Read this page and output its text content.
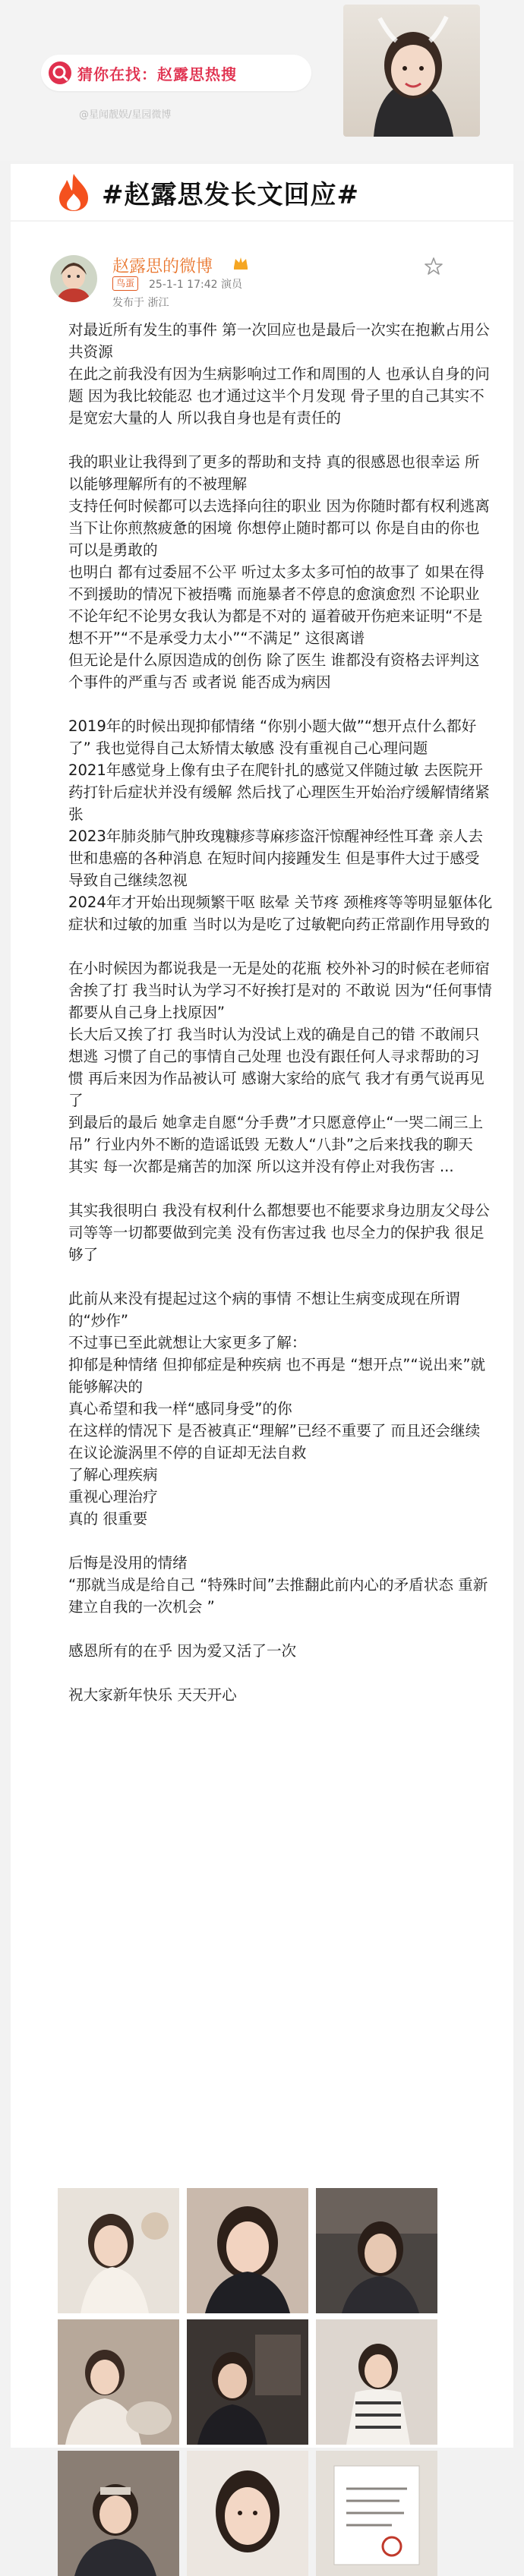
猜你在找： 赵露思热搜
@星闻靓娱/星园微博
#赵露思发长文回应#
赵露思的微博
鸟蛋	25-1-1 17:42 演员
发布于 浙江

对最近所有发生的事件 第一次回应也是最后一次实在抱歉占用公共资源
在此之前我没有因为生病影响过工作和周围的人 也承认自身的问题 因为我比较能忍 也才通过这半个月发现 骨子里的自己其实不是宽宏大量的人 所以我自身也是有责任的

我的职业让我得到了更多的帮助和支持 真的很感恩也很幸运 所以能够理解所有的不被理解
支持任何时候都可以去选择向往的职业 因为你随时都有权利逃离当下让你煎熬疲惫的困境 你想停止随时都可以 你是自由的你也可以是勇敢的
也明白 都有过委屈不公平 听过太多太多可怕的故事了 如果在得不到援助的情况下被捂嘴 而施暴者不停息的愈演愈烈 不论职业不论年纪不论男女我认为都是不对的 逼着破开伤疤来证明“不是想不开”“不是承受力太小”“不满足” 这很离谱
但无论是什么原因造成的创伤 除了医生 谁都没有资格去评判这个事件的严重与否 或者说 能否成为病因

2019年的时候出现抑郁情绪 “你别小题大做”“想开点什么都好了” 我也觉得自己太矫情太敏感 没有重视自己心理问题
2021年感觉身上像有虫子在爬针扎的感觉又伴随过敏 去医院开药打针后症状并没有缓解 然后找了心理医生开始治疗缓解情绪紧张
2023年肺炎肺气肿玫瑰糠疹荨麻疹盗汗惊醒神经性耳聋 亲人去世和患癌的各种消息 在短时间内接踵发生 但是事件大过于感受 导致自己继续忽视
2024年才开始出现频繁干呕 眩晕 关节疼 颈椎疼等等明显躯体化症状和过敏的加重 当时以为是吃了过敏靶向药正常副作用导致的

在小时候因为都说我是一无是处的花瓶 校外补习的时候在老师宿舍挨了打 我当时认为学习不好挨打是对的 不敢说 因为“任何事情都要从自己身上找原因”
长大后又挨了打 我当时认为没试上戏的确是自己的错 不敢闹只想逃 习惯了自己的事情自己处理 也没有跟任何人寻求帮助的习惯 再后来因为作品被认可 感谢大家给的底气 我才有勇气说再见了
到最后的最后 她拿走自愿“分手费”才只愿意停止“一哭二闹三上吊” 行业内外不断的造谣诋毁 无数人“八卦”之后来找我的聊天
其实 每一次都是痛苦的加深 所以这并没有停止对我伤害 ...

其实我很明白 我没有权利什么都想要也不能要求身边朋友父母公司等等一切都要做到完美 没有伤害过我 也尽全力的保护我 很足够了

此前从来没有提起过这个病的事情 不想让生病变成现在所谓的“炒作”
不过事已至此就想让大家更多了解：
抑郁是种情绪 但抑郁症是种疾病 也不再是 “想开点”“说出来”就能够解决的
真心希望和我一样“感同身受”的你
在这样的情况下 是否被真正“理解”已经不重要了 而且还会继续在议论漩涡里不停的自证却无法自救
了解心理疾病
重视心理治疗
真的 很重要

后悔是没用的情绪
“那就当成是给自己 “特殊时间”去推翻此前内心的矛盾状态 重新建立自我的一次机会 ”

感恩所有的在乎 因为爱又活了一次

祝大家新年快乐 天天开心
